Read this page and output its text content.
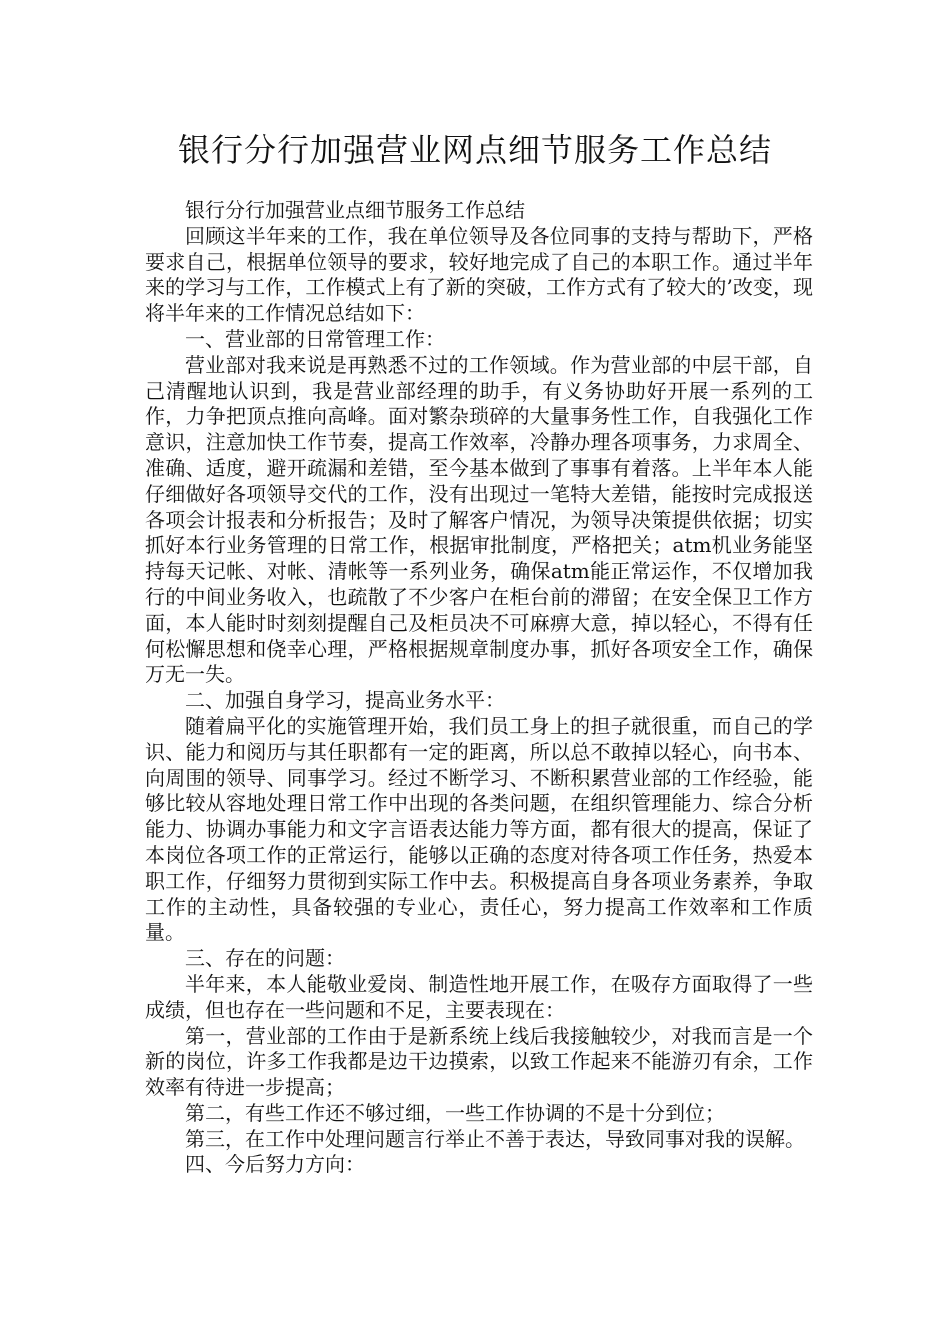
银行分行加强营业网点细节服务工作总结

银行分行加强营业点细节服务工作总结

回顾这半年来的工作，我在单位领导及各位同事的支持与帮助下，严格要求自己，根据单位领导的要求，较好地完成了自己的本职工作。通过半年来的学习与工作，工作模式上有了新的突破，工作方式有了较大的’改变，现将半年来的工作情况总结如下：

一、营业部的日常管理工作：

营业部对我来说是再熟悉不过的工作领域。作为营业部的中层干部，自己清醒地认识到，我是营业部经理的助手，有义务协助好开展一系列的工作，力争把顶点推向高峰。面对繁杂琐碎的大量事务性工作，自我强化工作意识，注意加快工作节奏，提高工作效率，冷静办理各项事务，力求周全、准确、适度，避开疏漏和差错，至今基本做到了事事有着落。上半年本人能仔细做好各项领导交代的工作，没有出现过一笔特大差错，能按时完成报送各项会计报表和分析报告；及时了解客户情况，为领导决策提供依据；切实抓好本行业务管理的日常工作，根据审批制度，严格把关；atm机业务能坚持每天记帐、对帐、清帐等一系列业务，确保atm能正常运作，不仅增加我行的中间业务收入，也疏散了不少客户在柜台前的滞留；在安全保卫工作方面，本人能时时刻刻提醒自己及柜员决不可麻痹大意，掉以轻心，不得有任何松懈思想和侥幸心理，严格根据规章制度办事，抓好各项安全工作，确保万无一失。

二、加强自身学习，提高业务水平：

随着扁平化的实施管理开始，我们员工身上的担子就很重，而自己的学识、能力和阅历与其任职都有一定的距离，所以总不敢掉以轻心，向书本、向周围的领导、同事学习。经过不断学习、不断积累营业部的工作经验，能够比较从容地处理日常工作中出现的各类问题，在组织管理能力、综合分析能力、协调办事能力和文字言语表达能力等方面，都有很大的提高，保证了本岗位各项工作的正常运行，能够以正确的态度对待各项工作任务，热爱本职工作，仔细努力贯彻到实际工作中去。积极提高自身各项业务素养，争取工作的主动性，具备较强的专业心，责任心，努力提高工作效率和工作质量。

三、存在的问题：

半年来，本人能敬业爱岗、制造性地开展工作，在吸存方面取得了一些成绩，但也存在一些问题和不足，主要表现在：

第一，营业部的工作由于是新系统上线后我接触较少，对我而言是一个新的岗位，许多工作我都是边干边摸索，以致工作起来不能游刃有余，工作效率有待进一步提高；

第二，有些工作还不够过细，一些工作协调的不是十分到位；

第三，在工作中处理问题言行举止不善于表达，导致同事对我的误解。

四、今后努力方向：
